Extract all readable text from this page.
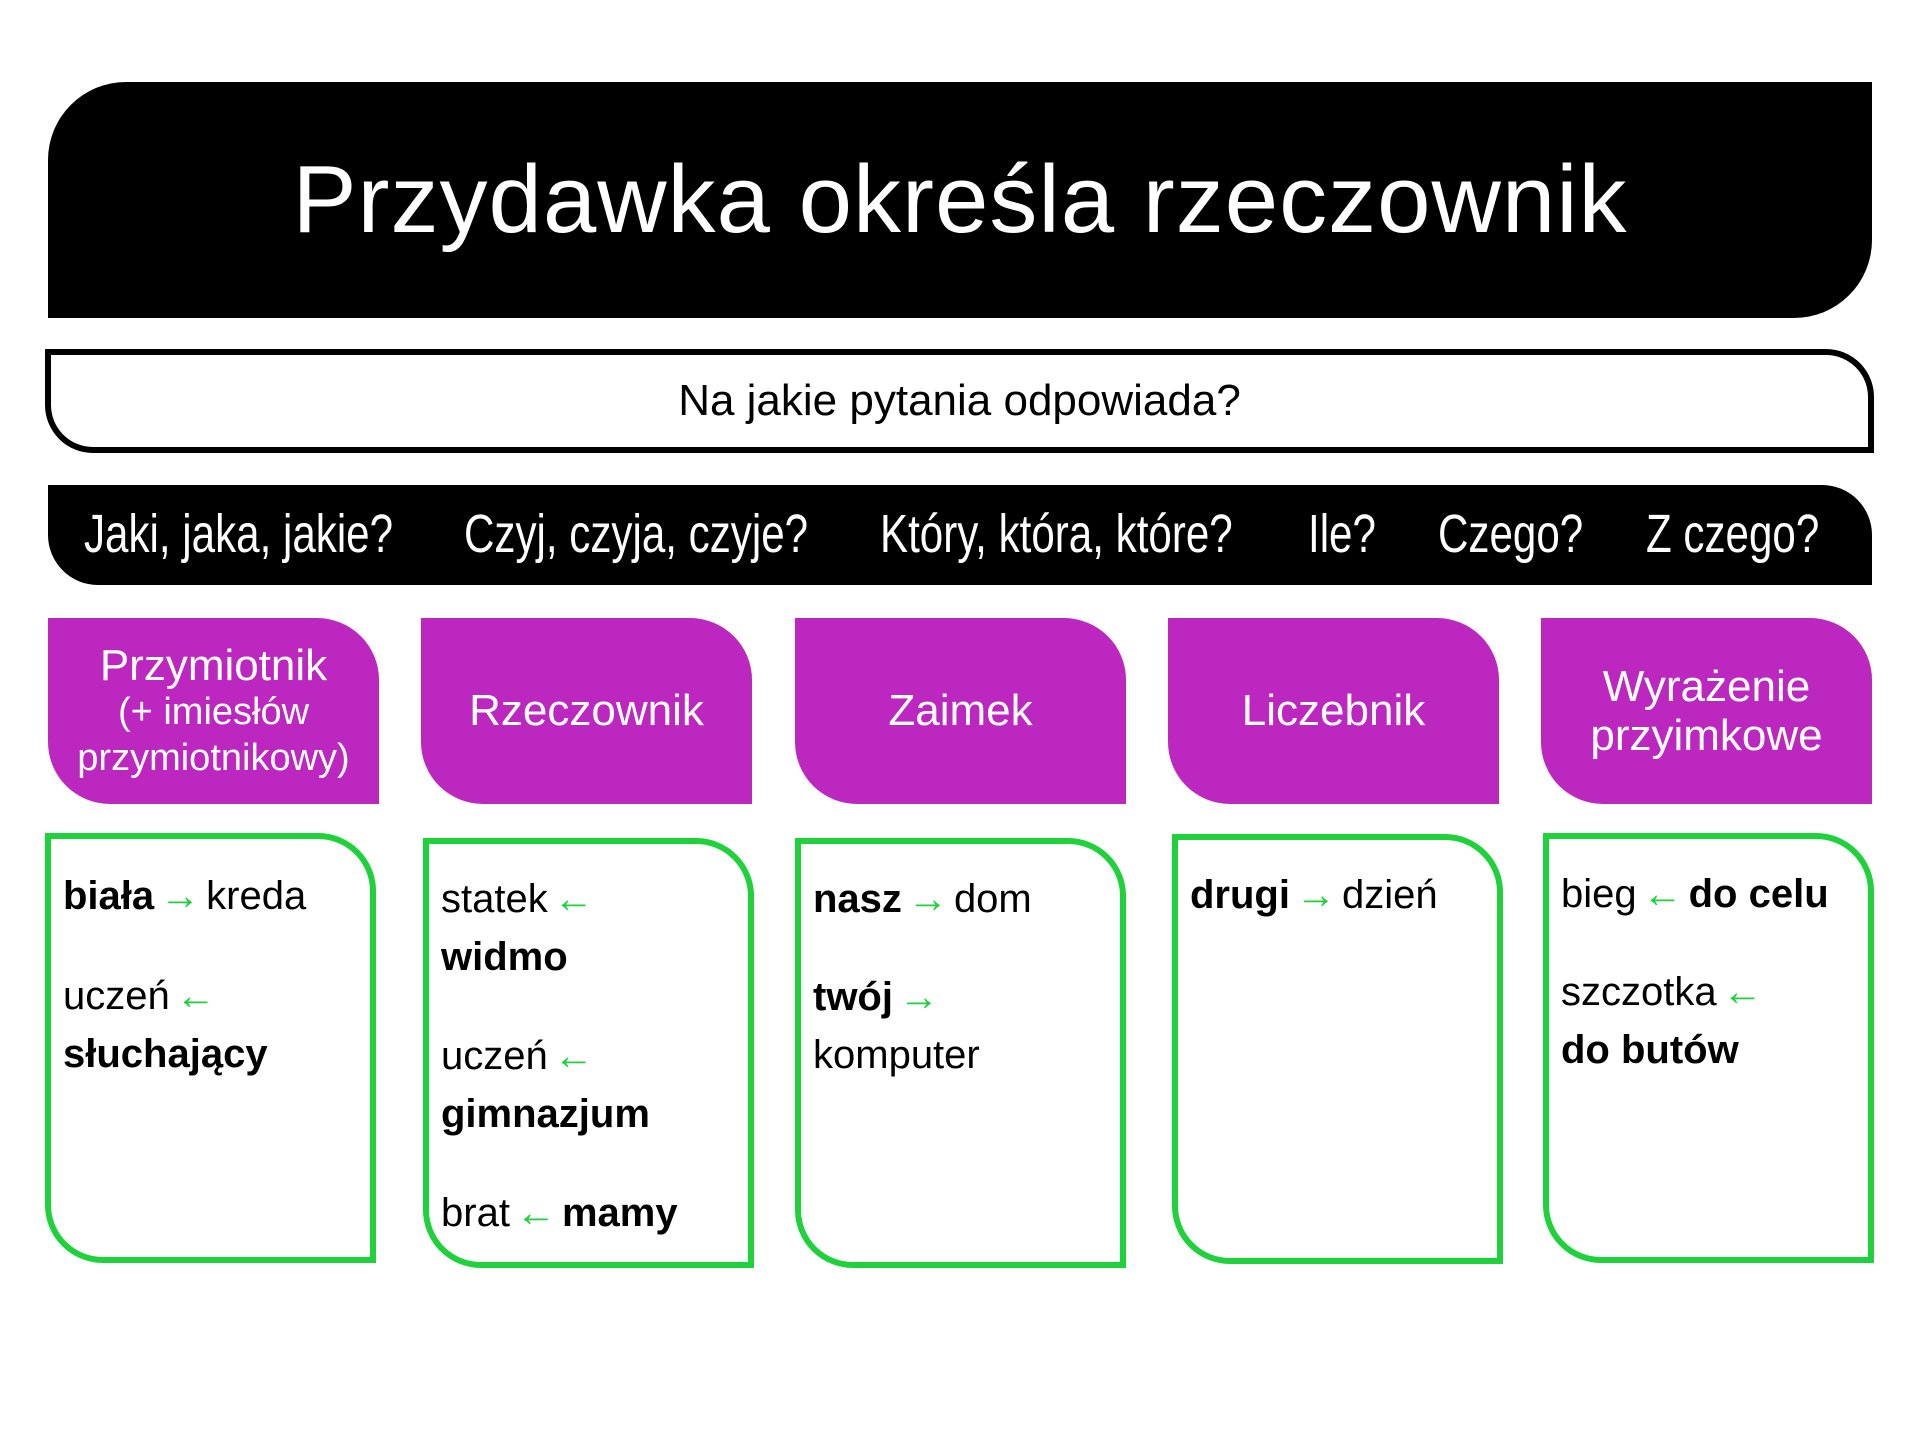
Przydawka określa rzeczownik
Na jakie pytania odpowiada?
Jaki, jaka, jakie? Czyj, czyja, czyje? Który, która, które? Ile? Czego? Z czego?
Przymiotnik
(+ imiesłów przymiotnikowy)
Rzeczownik	Zaimek	Liczebnik
Wyrażenie przyimkowe
biała → kreda
uczeń ←
słuchający
statek ←
widmo
uczeń ←
gimnazjum
brat ← mamy
nasz → dom
twój →
komputer
drugi → dzień	bieg ← do celu
szczotka ←
do butów
